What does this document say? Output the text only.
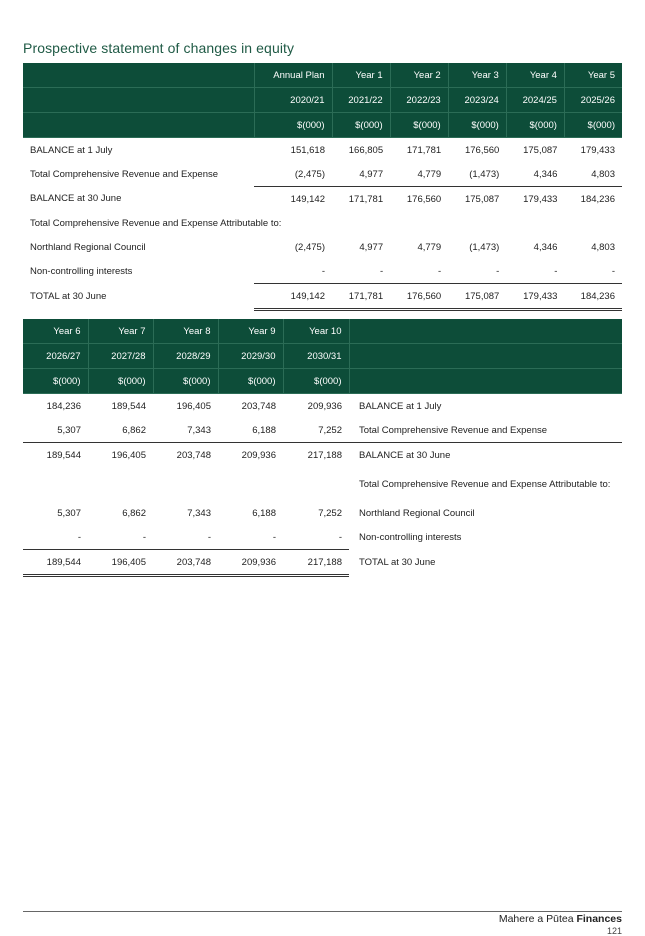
Prospective statement of changes in equity
	Annual Plan	Year 1	Year 2	Year 3	Year 4	Year 5
	2020/21	2021/22	2022/23	2023/24	2024/25	2025/26
	$(000)	$(000)	$(000)	$(000)	$(000)	$(000)
BALANCE at 1 July	151,618	166,805	171,781	176,560	175,087	179,433
Total Comprehensive Revenue and Expense	(2,475)	4,977	4,779	(1,473)	4,346	4,803
BALANCE at 30 June	149,142	171,781	176,560	175,087	179,433	184,236
Total Comprehensive Revenue and Expense Attributable to:						
Northland Regional Council	(2,475)	4,977	4,779	(1,473)	4,346	4,803
Non-controlling interests	-	-	-	-	-	-
TOTAL at 30 June	149,142	171,781	176,560	175,087	179,433	184,236
Year 6	Year 7	Year 8	Year 9	Year 10	
2026/27	2027/28	2028/29	2029/30	2030/31	
$(000)	$(000)	$(000)	$(000)	$(000)	
184,236	189,544	196,405	203,748	209,936	BALANCE at 1 July
5,307	6,862	7,343	6,188	7,252	Total Comprehensive Revenue and Expense
189,544	196,405	203,748	209,936	217,188	BALANCE at 30 June
					Total Comprehensive Revenue and Expense Attributable to:
5,307	6,862	7,343	6,188	7,252	Northland Regional Council
-	-	-	-	-	Non-controlling interests
189,544	196,405	203,748	209,936	217,188	TOTAL at 30 June
Mahere a Pūtea Finances
121
